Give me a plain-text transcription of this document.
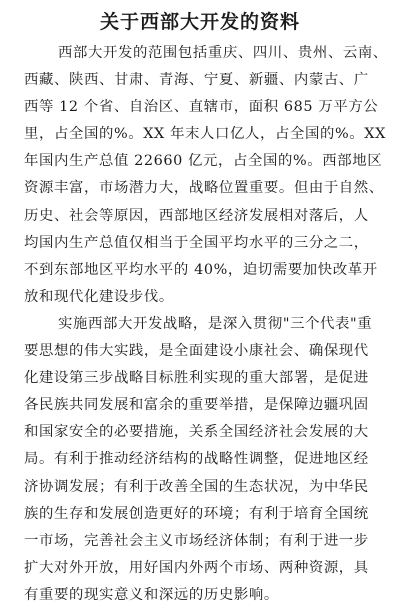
关于西部大开发的资料
西部大开发的范围包括重庆、四川、贵州、云南、
西藏、陕西、甘肃、青海、宁夏、新疆、内蒙古、广
西等 12 个省、自治区、直辖市，面积 685 万平方公
里，占全国的%。XX 年末人口亿人，占全国的%。XX
年国内生产总值 22660 亿元，占全国的%。西部地区
资源丰富，市场潜力大，战略位置重要。但由于自然、
历史、社会等原因，西部地区经济发展相对落后，人
均国内生产总值仅相当于全国平均水平的三分之二，
不到东部地区平均水平的 40%，迫切需要加快改革开
放和现代化建设步伐。
实施西部大开发战略，是深入贯彻"三个代表"重
要思想的伟大实践，是全面建设小康社会、确保现代
化建设第三步战略目标胜利实现的重大部署，是促进
各民族共同发展和富余的重要举措，是保障边疆巩固
和国家安全的必要措施，关系全国经济社会发展的大
局。有利于推动经济结构的战略性调整，促进地区经
济协调发展；有利于改善全国的生态状况，为中华民
族的生存和发展创造更好的环境；有利于培育全国统
一市场，完善社会主义市场经济体制；有利于进一步
扩大对外开放，用好国内外两个市场、两种资源，具
有重要的现实意义和深远的历史影响。
